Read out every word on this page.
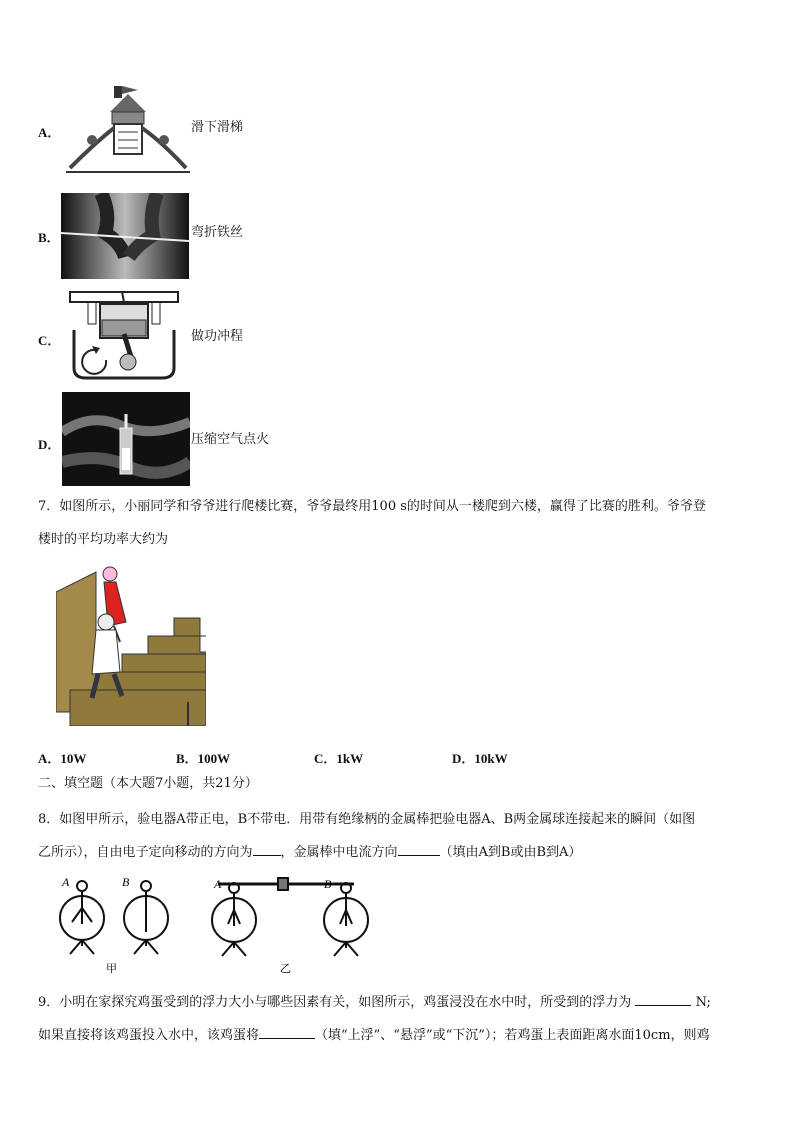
A．	滑下滑梯
B．	弯折铁丝
C．	做功冲程
D．	压缩空气点火
7．如图所示，小丽同学和爷爷进行爬楼比赛，爷爷最终用100 s的时间从一楼爬到六楼，赢得了比赛的胜利。爷爷登
楼时的平均功率大约为
A．10W	B．100W	C．1kW	D．10kW
二、填空题（本大题7小题，共21分）
8．如图甲所示，验电器A带正电，B不带电．用带有绝缘柄的金属棒把验电器A、B两金属球连接起来的瞬间（如图
乙所示），自由电子定向移动的方向为 ，金属棒中电流方向	（填由A到B或由B到A）
A	B	A	B
甲	乙
9．小明在家探究鸡蛋受到的浮力大小与哪些因素有关，如图所示，鸡蛋浸没在水中时，所受到的浮力为	N;
如果直接将该鸡蛋投入水中，该鸡蛋将	（填“上浮”、“悬浮”或“下沉”）；若鸡蛋上表面距离水面10cm，则鸡
